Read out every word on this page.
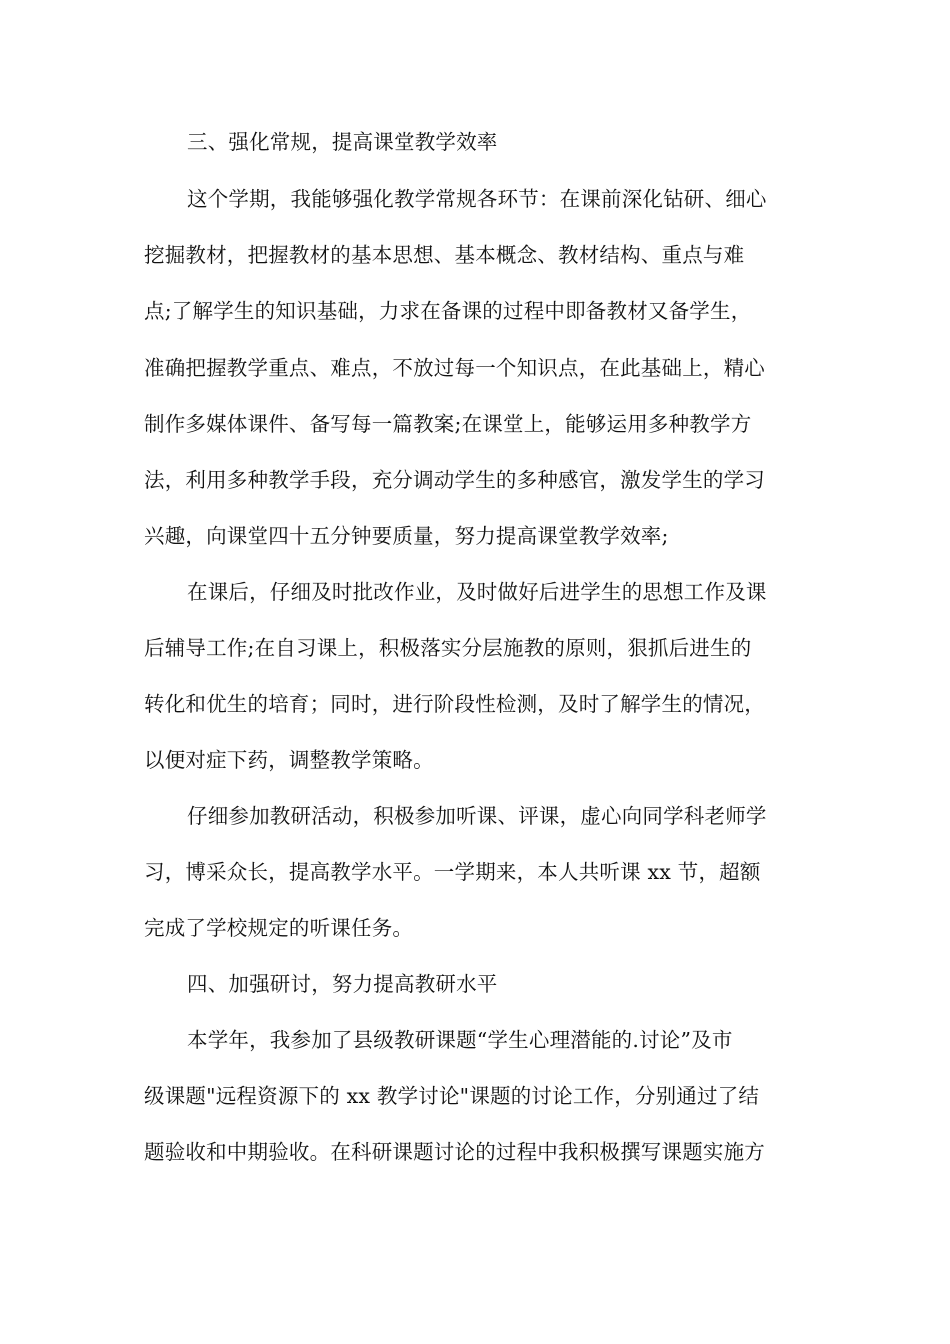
三、强化常规，提高课堂教学效率
这个学期，我能够强化教学常规各环节：在课前深化钻研、细心
挖掘教材，把握教材的基本思想、基本概念、教材结构、重点与难
点;了解学生的知识基础，力求在备课的过程中即备教材又备学生，
准确把握教学重点、难点，不放过每一个知识点，在此基础上，精心
制作多媒体课件、备写每一篇教案;在课堂上，能够运用多种教学方
法，利用多种教学手段，充分调动学生的多种感官，激发学生的学习
兴趣，向课堂四十五分钟要质量，努力提高课堂教学效率;
在课后，仔细及时批改作业，及时做好后进学生的思想工作及课
后辅导工作;在自习课上，积极落实分层施教的原则，狠抓后进生的
转化和优生的培育；同时，进行阶段性检测，及时了解学生的情况，
以便对症下药，调整教学策略。
仔细参加教研活动，积极参加听课、评课，虚心向同学科老师学
习，博采众长，提高教学水平。一学期来，本人共听课 xx 节，超额
完成了学校规定的听课任务。
四、加强研讨，努力提高教研水平
本学年，我参加了县级教研课题“学生心理潜能的.讨论”及市
级课题"远程资源下的 xx 教学讨论"课题的讨论工作，分别通过了结
题验收和中期验收。在科研课题讨论的过程中我积极撰写课题实施方
